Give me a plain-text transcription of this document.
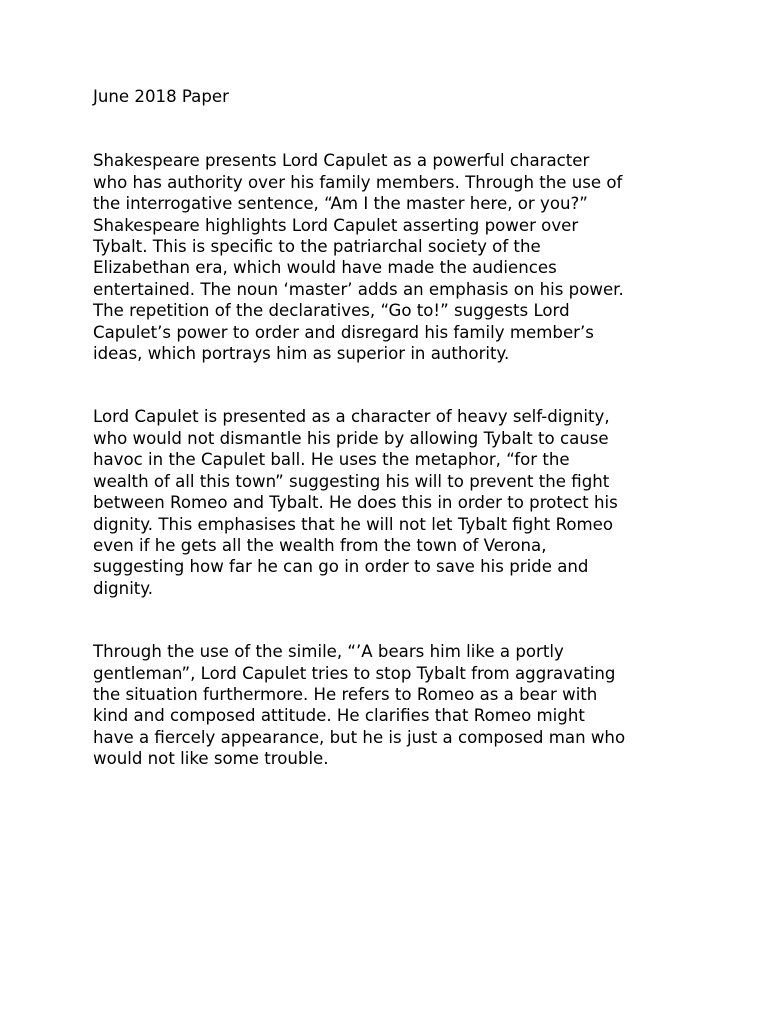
June 2018 Paper

Shakespeare presents Lord Capulet as a powerful character
who has authority over his family members. Through the use of
the interrogative sentence, “Am I the master here, or you?”
Shakespeare highlights Lord Capulet asserting power over
Tybalt. This is specific to the patriarchal society of the
Elizabethan era, which would have made the audiences
entertained. The noun ‘master’ adds an emphasis on his power.
The repetition of the declaratives, “Go to!” suggests Lord
Capulet’s power to order and disregard his family member’s
ideas, which portrays him as superior in authority.

Lord Capulet is presented as a character of heavy self-dignity,
who would not dismantle his pride by allowing Tybalt to cause
havoc in the Capulet ball. He uses the metaphor, “for the
wealth of all this town” suggesting his will to prevent the fight
between Romeo and Tybalt. He does this in order to protect his
dignity. This emphasises that he will not let Tybalt fight Romeo
even if he gets all the wealth from the town of Verona,
suggesting how far he can go in order to save his pride and
dignity.

Through the use of the simile, “’A bears him like a portly
gentleman”, Lord Capulet tries to stop Tybalt from aggravating
the situation furthermore. He refers to Romeo as a bear with
kind and composed attitude. He clarifies that Romeo might
have a fiercely appearance, but he is just a composed man who
would not like some trouble.
